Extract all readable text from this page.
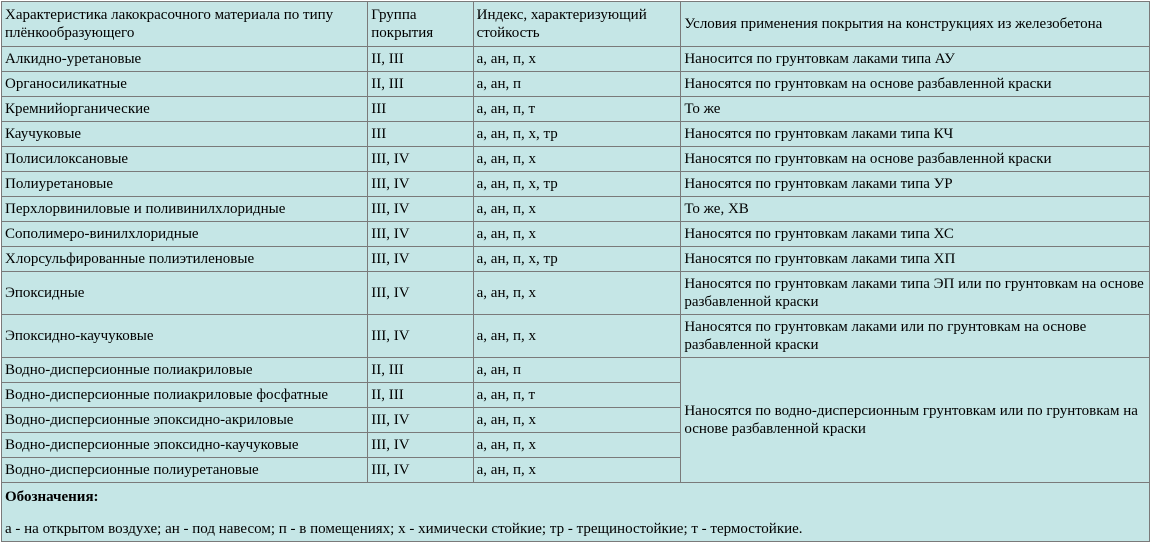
Характеристика лакокрасочного материала по типу плёнкообразующего	Группа покрытия	Индекс, характеризующий стойкость	Условия применения покрытия на конструкциях из железобетона
Алкидно-уретановые	II, III	а, ан, п, х	Наносится по грунтовкам лаками типа АУ
Органосиликатные	II, III	а, ан, п	Наносятся по грунтовкам на основе разбавленной краски
Кремнийорганические	III	а, ан, п, т	То же
Каучуковые	III	а, ан, п, х, тр	Наносятся по грунтовкам лаками типа КЧ
Полисилоксановые	III, IV	а, ан, п, х	Наносятся по грунтовкам на основе разбавленной краски
Полиуретановые	III, IV	а, ан, п, х, тр	Наносятся по грунтовкам лаками типа УР
Перхлорвиниловые и поливинилхлоридные	III, IV	а, ан, п, х	То же, ХВ
Сополимеро-винилхлоридные	III, IV	а, ан, п, х	Наносятся по грунтовкам лаками типа ХС
Хлорсульфированные полиэтиленовые	III, IV	а, ан, п, х, тр	Наносятся по грунтовкам лаками типа ХП
Эпоксидные	III, IV	а, ан, п, х	Наносятся по грунтовкам лаками типа ЭП или по грунтовкам на основе разбавленной краски
Эпоксидно-каучуковые	III, IV	а, ан, п, х	Наносятся по грунтовкам лаками или по грунтовкам на основе разбавленной краски
Водно-дисперсионные полиакриловые	II, III	а, ан, п	Наносятся по водно-дисперсионным грунтовкам или по грунтовкам на основе разбавленной краски
Водно-дисперсионные полиакриловые фосфатные	II, III	а, ан, п, т	
Водно-дисперсионные эпоксидно-акриловые	III, IV	а, ан, п, х	
Водно-дисперсионные эпоксидно-каучуковые	III, IV	а, ан, п, х	
Водно-дисперсионные полиуретановые	III, IV	а, ан, п, х	

Обозначения:
а - на открытом воздухе; ан - под навесом; п - в помещениях; х - химически стойкие; тр - трещиностойкие; т - термостойкие.			
